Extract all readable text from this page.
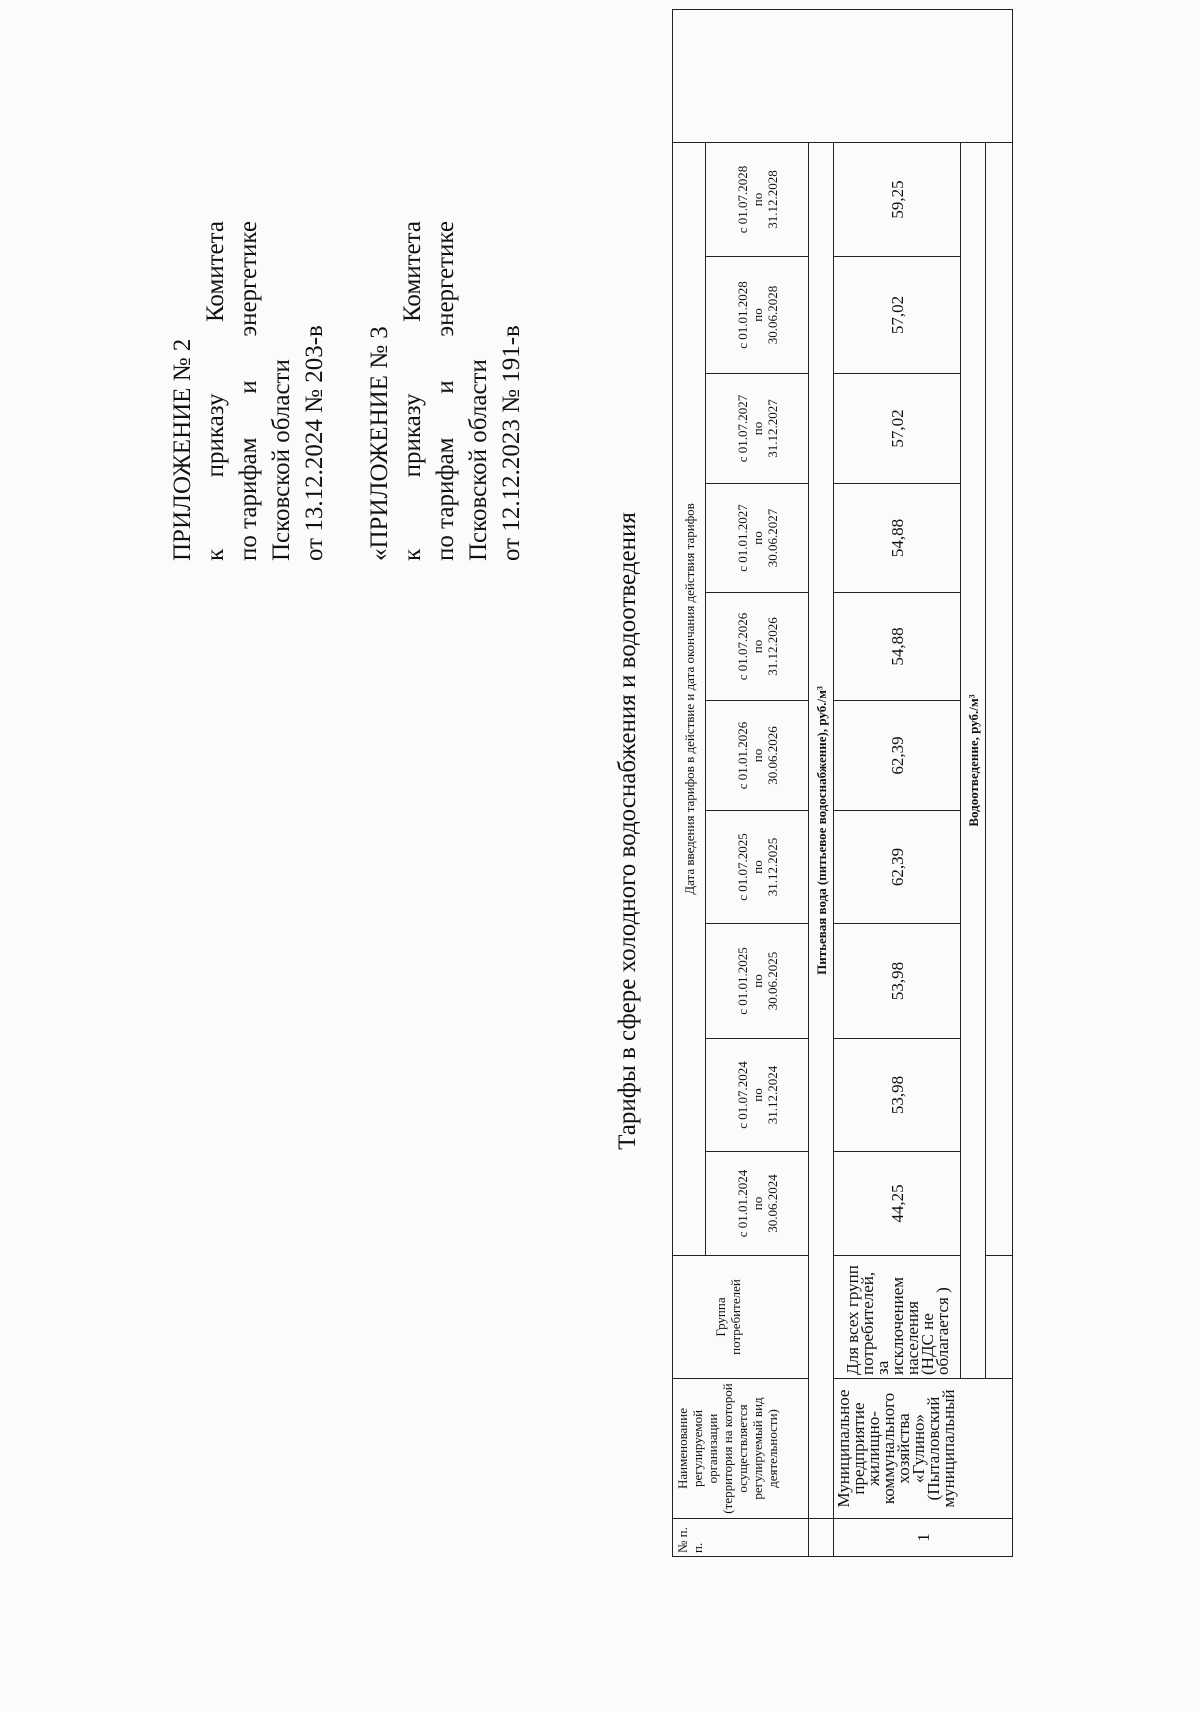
ПРИЛОЖЕНИЕ № 2 к
приказу
Комитета
по тарифам
и
энергетике
Псковской области от 13.12.2024 № 203-в «ПРИЛОЖЕНИЕ № 3 к
приказу
Комитета
по тарифам
и
энергетике
Псковской области от 12.12.2023 № 191-в
Тарифы в сфере холодного водоснабжения и водоотведения
№ п. п.	Наименование регулируемой организации (территория на которой осуществляется регулируемый вид деятельности)	Группа потребителей	Дата введения тарифов в действие и дата окончания действия тарифов										

			с 01.01.2024 по 30.06.2024	с 01.07.2024 по 31.12.2024	с 01.01.2025 по 30.06.2025	с 01.07.2025 по 31.12.2025	с 01.01.2026 по 30.06.2026	с 01.07.2026 по 31.12.2026	с 01.01.2027 по 30.06.2027	с 01.07.2027 по 31.12.2027	с 01.01.2028 по 30.06.2028	с 01.07.2028 по 31.12.2028	

	Питьевая вода (питьевое водоснабжение), руб./м³												
1	Муниципальное предприятие жилищно-коммунального хозяйства «Гулино» (Пыталовский муниципальный	Для всех групп потребителей, за исключением населения (НДС не облагается )	44,25	53,98	53,98	62,39	62,39	54,88	54,88	57,02	57,02	59,25	
		Водоотведение, руб./м³											
